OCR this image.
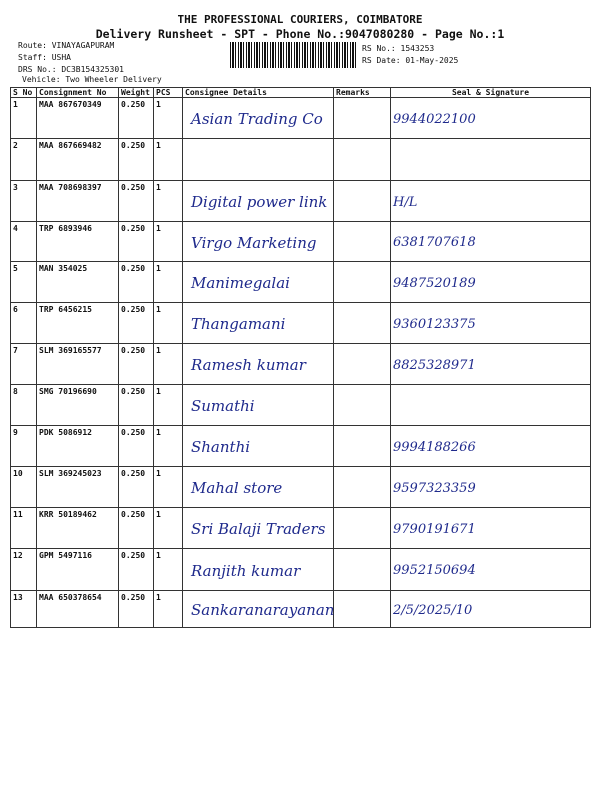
THE PROFESSIONAL COURIERS, COIMBATORE
Delivery Runsheet - SPT - Phone No.:9047080280 - Page No.:1
Route: VINAYAGAPURAM
Staff: USHA
DRS No.: DC3B154325301
Vehicle: Two Wheeler Delivery
RS No.: 1543253
RS Date: 01-May-2025
S No	Consignment No	Weight	PCS	Consignee Details	Remarks	Seal & Signature
1	MAA 867670349	0.250	1	Asian Trading Co		9944022100
2	MAA 867669482	0.250	1			
3	MAA 708698397	0.250	1	Digital power link		H/L
4	TRP 6893946	0.250	1	Virgo Marketing		6381707618
5	MAN 354025	0.250	1	Manimegalai		9487520189
6	TRP 6456215	0.250	1	Thangamani		9360123375
7	SLM 369165577	0.250	1	Ramesh kumar		8825328971
8	SMG 70196690	0.250	1	Sumathi		
9	PDK 5086912	0.250	1	Shanthi		9994188266
10	SLM 369245023	0.250	1	Mahal store		9597323359
11	KRR 50189462	0.250	1	Sri Balaji Traders		9790191671
12	GPM 5497116	0.250	1	Ranjith kumar		9952150694
13	MAA 650378654	0.250	1	Sankaranarayanan		2/5/2025/10
